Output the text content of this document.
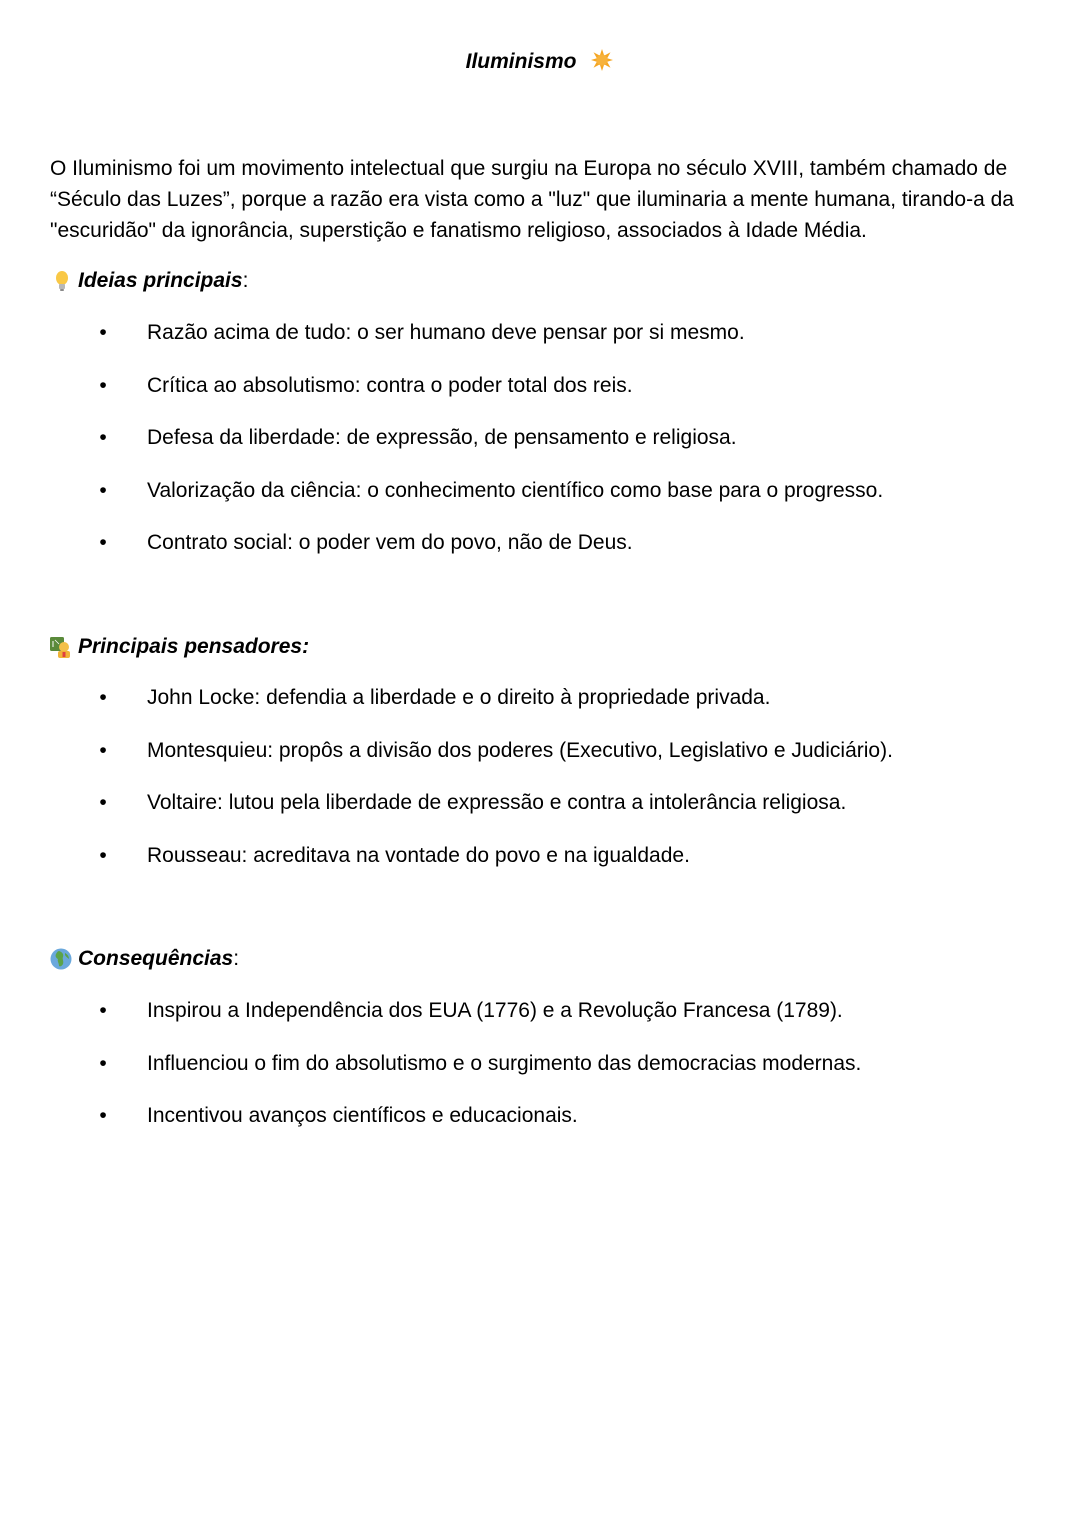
Iluminismo

O Iluminismo foi um movimento intelectual que surgiu na Europa no século XVIII, também chamado de “Século das Luzes”, porque a razão era vista como a "luz" que iluminaria a mente humana, tirando-a da "escuridão" da ignorância, superstição e fanatismo religioso, associados à Idade Média.

Ideias principais :
• Razão acima de tudo: o ser humano deve pensar por si mesmo.
• Crítica ao absolutismo: contra o poder total dos reis.
• Defesa da liberdade: de expressão, de pensamento e religiosa.
• Valorização da ciência: o conhecimento científico como base para o progresso.
• Contrato social: o poder vem do povo, não de Deus.
Principais pensadores:
• John Locke: defendia a liberdade e o direito à propriedade privada.
• Montesquieu: propôs a divisão dos poderes (Executivo, Legislativo e Judiciário).
• Voltaire: lutou pela liberdade de expressão e contra a intolerância religiosa.
• Rousseau: acreditava na vontade do povo e na igualdade.
Consequências :
• Inspirou a Independência dos EUA (1776) e a Revolução Francesa (1789).
• Influenciou o fim do absolutismo e o surgimento das democracias modernas.
• Incentivou avanços científicos e educacionais.
